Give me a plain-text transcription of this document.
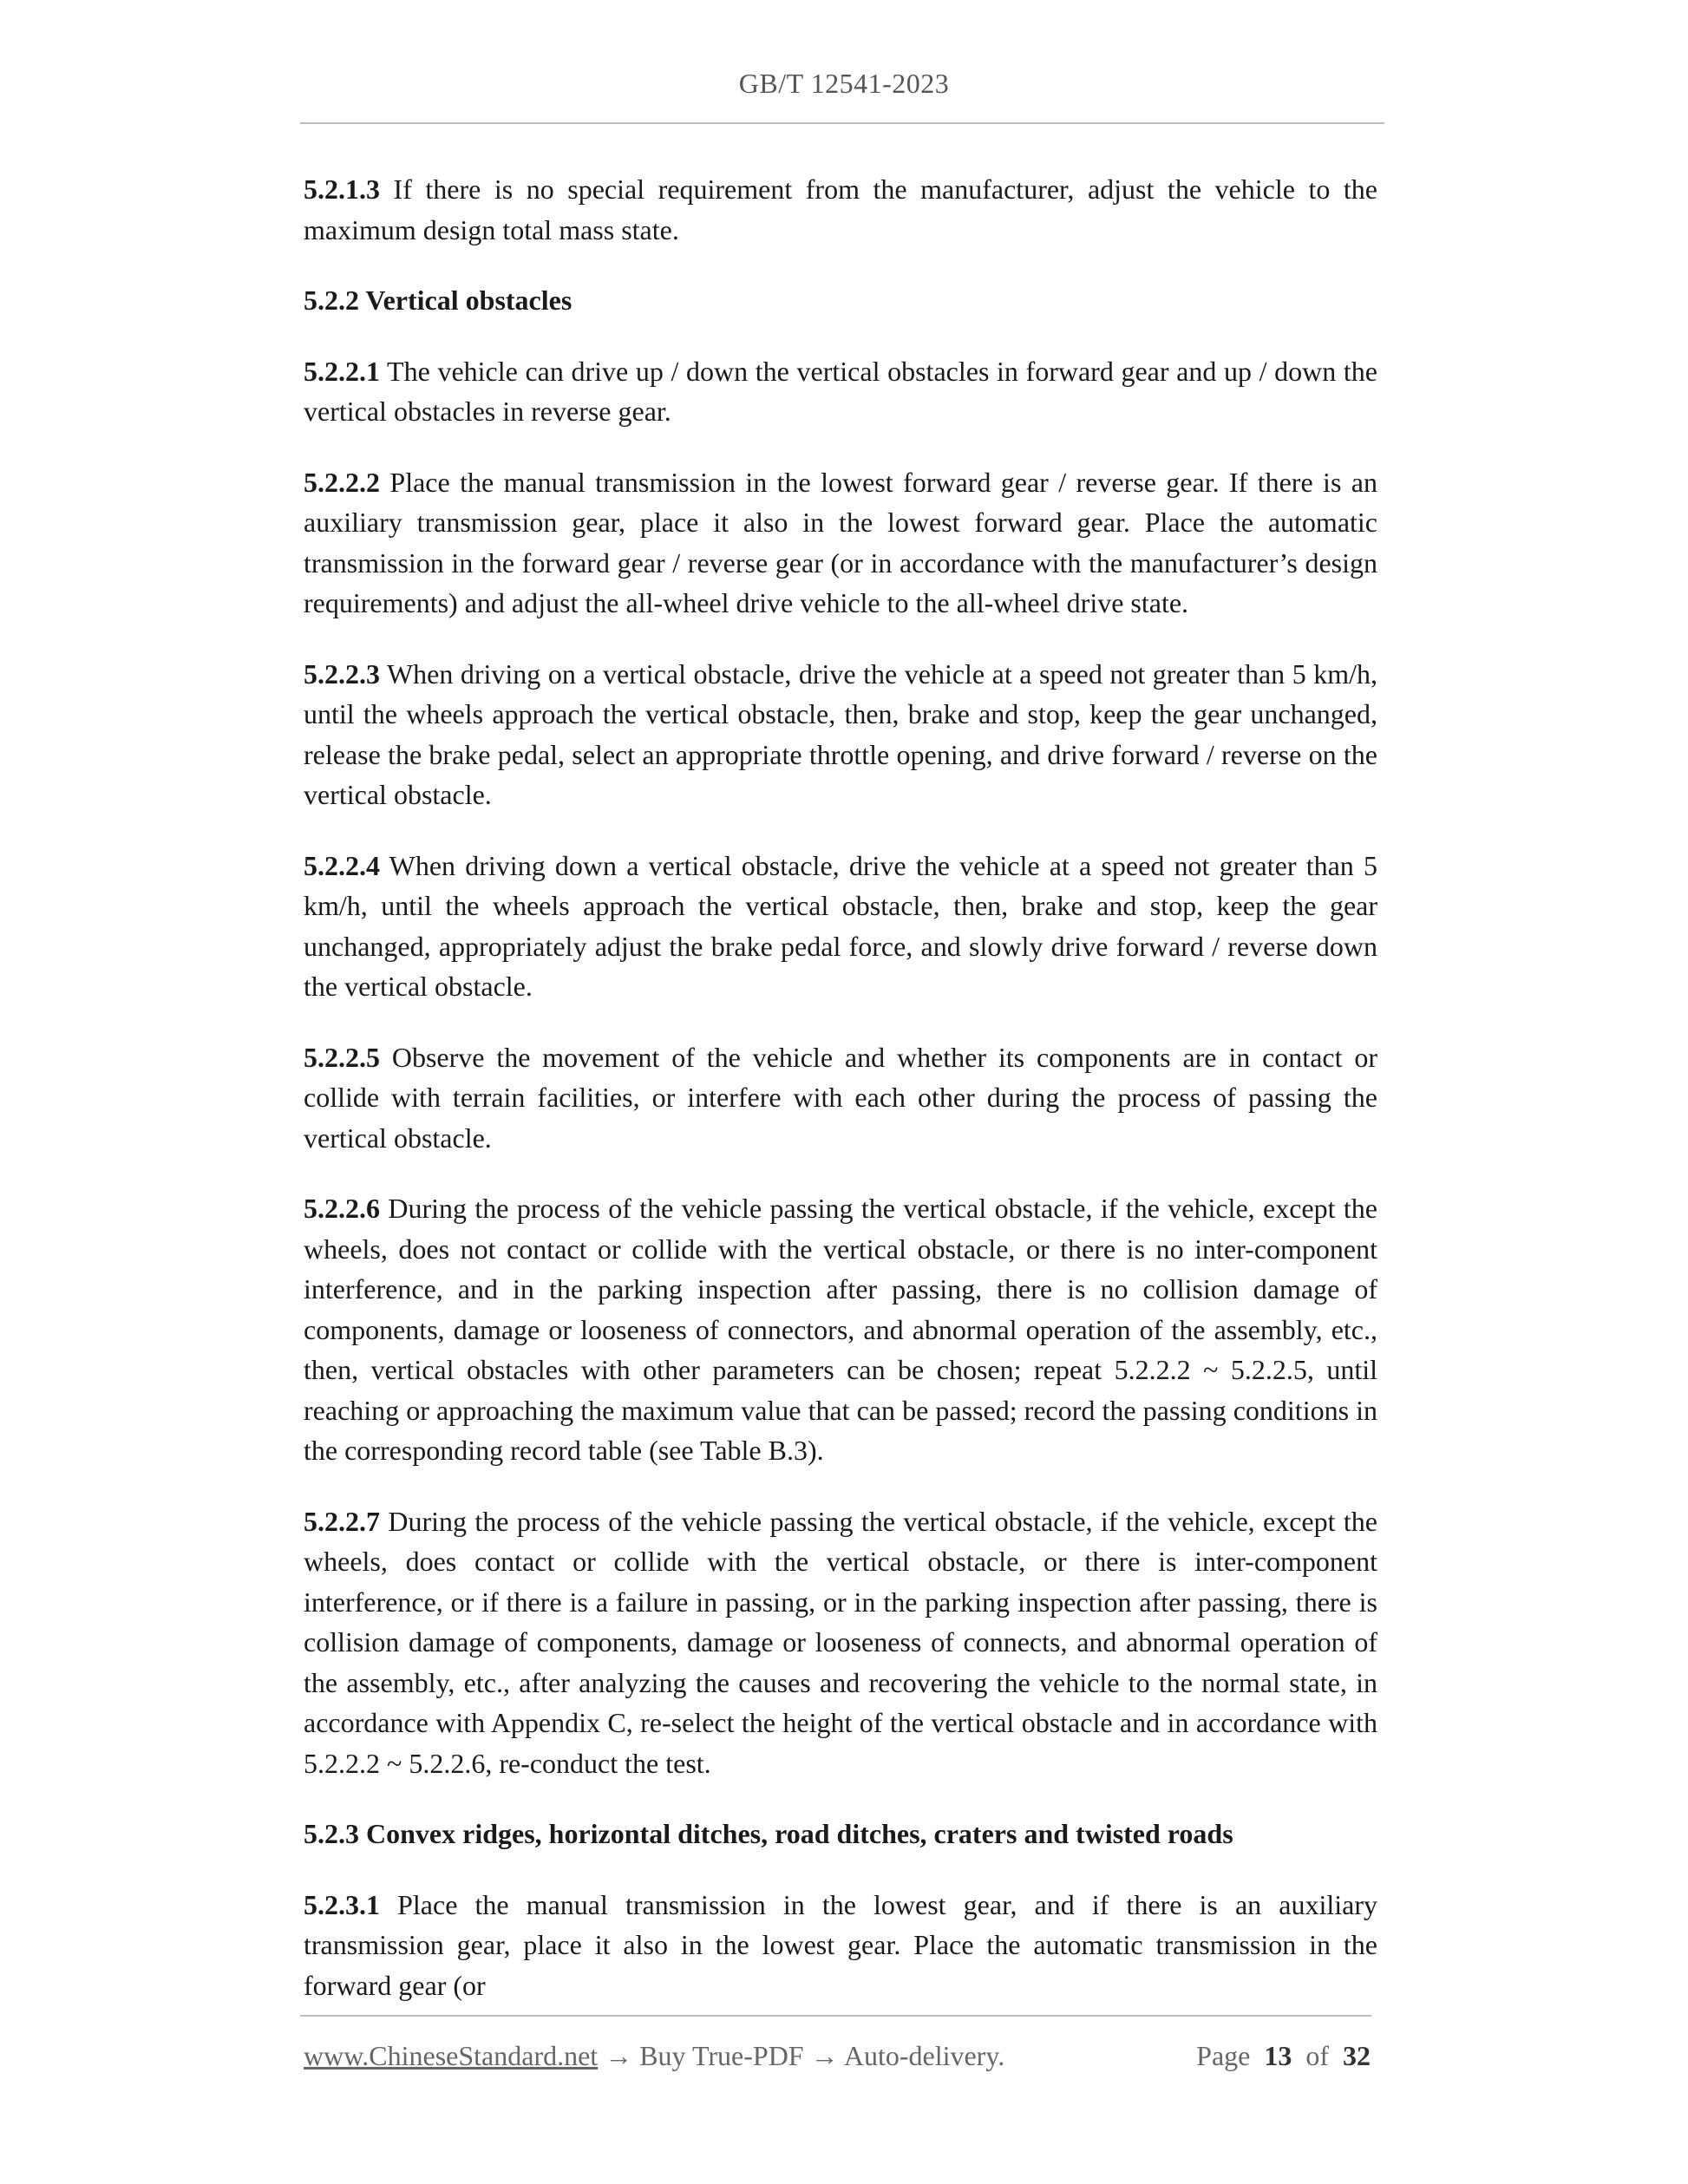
GB/T 12541-2023

5.2.1.3 If there is no special requirement from the manufacturer, adjust the vehicle to the maximum design total mass state.

5.2.2 Vertical obstacles

5.2.2.1 The vehicle can drive up / down the vertical obstacles in forward gear and up / down the vertical obstacles in reverse gear.

5.2.2.2 Place the manual transmission in the lowest forward gear / reverse gear. If there is an auxiliary transmission gear, place it also in the lowest forward gear. Place the automatic transmission in the forward gear / reverse gear (or in accordance with the manufacturer’s design requirements) and adjust the all-wheel drive vehicle to the all-wheel drive state.

5.2.2.3 When driving on a vertical obstacle, drive the vehicle at a speed not greater than 5 km/h, until the wheels approach the vertical obstacle, then, brake and stop, keep the gear unchanged, release the brake pedal, select an appropriate throttle opening, and drive forward / reverse on the vertical obstacle.

5.2.2.4 When driving down a vertical obstacle, drive the vehicle at a speed not greater than 5 km/h, until the wheels approach the vertical obstacle, then, brake and stop, keep the gear unchanged, appropriately adjust the brake pedal force, and slowly drive forward / reverse down the vertical obstacle.

5.2.2.5 Observe the movement of the vehicle and whether its components are in contact or collide with terrain facilities, or interfere with each other during the process of passing the vertical obstacle.

5.2.2.6 During the process of the vehicle passing the vertical obstacle, if the vehicle, except the wheels, does not contact or collide with the vertical obstacle, or there is no inter-component interference, and in the parking inspection after passing, there is no collision damage of components, damage or looseness of connectors, and abnormal operation of the assembly, etc., then, vertical obstacles with other parameters can be chosen; repeat 5.2.2.2 ~ 5.2.2.5, until reaching or approaching the maximum value that can be passed; record the passing conditions in the corresponding record table (see Table B.3).

5.2.2.7 During the process of the vehicle passing the vertical obstacle, if the vehicle, except the wheels, does contact or collide with the vertical obstacle, or there is inter-component interference, or if there is a failure in passing, or in the parking inspection after passing, there is collision damage of components, damage or looseness of connects, and abnormal operation of the assembly, etc., after analyzing the causes and recovering the vehicle to the normal state, in accordance with Appendix C, re-select the height of the vertical obstacle and in accordance with 5.2.2.2 ~ 5.2.2.6, re-conduct the test.

5.2.3 Convex ridges, horizontal ditches, road ditches, craters and twisted roads

5.2.3.1 Place the manual transmission in the lowest gear, and if there is an auxiliary transmission gear, place it also in the lowest gear. Place the automatic transmission in the forward gear (or

www.ChineseStandard.net → Buy True-PDF → Auto-delivery.	Page 13 of 32
